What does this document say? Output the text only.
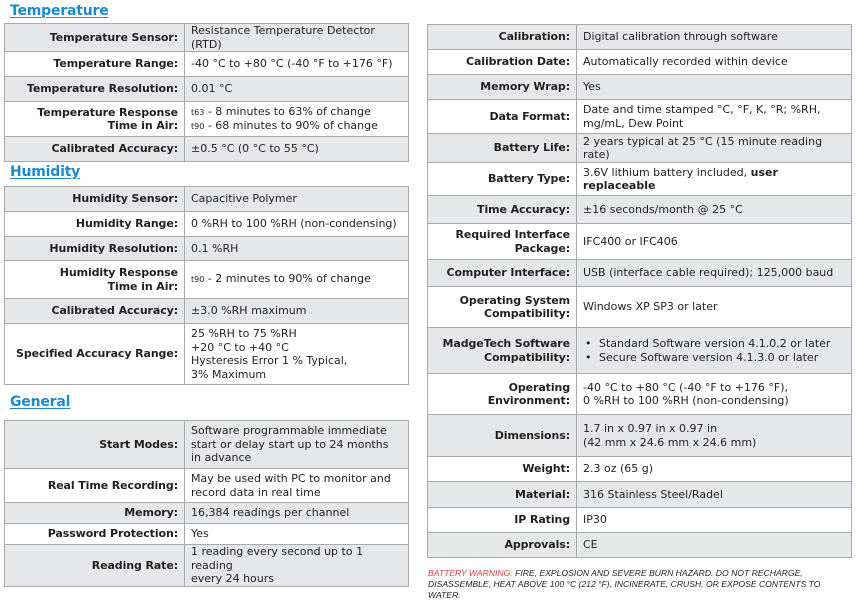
Temperature
Temperature Sensor:	Resistance Temperature Detector (RTD)
Temperature Range:	-40 °C to +80 °C (-40 °F to +176 °F)
Temperature Resolution:	0.01 °C
Temperature Response
Time in Air:	t63 - 8 minutes to 63% of change
t90 - 68 minutes to 90% of change
Calibrated Accuracy:	±0.5 °C (0 °C to 55 °C)
Humidity
Humidity Sensor:	Capacitive Polymer
Humidity Range:	0 %RH to 100 %RH (non-condensing)
Humidity Resolution:	0.1 %RH
Humidity Response
Time in Air:	t90 - 2 minutes to 90% of change
Calibrated Accuracy:	±3.0 %RH maximum
Specified Accuracy Range:	25 %RH to 75 %RH
+20 °C to +40 °C
Hysteresis Error 1 % Typical,
3% Maximum
General
Start Modes:	Software programmable immediate
start or delay start up to 24 months
in advance
Real Time Recording:	May be used with PC to monitor and
record data in real time
Memory:	16,384 readings per channel
Password Protection:	Yes
Reading Rate:	1 reading every second up to 1 reading
every 24 hours
Calibration:	Digital calibration through software
Calibration Date:	Automatically recorded within device
Memory Wrap:	Yes
Data Format:	Date and time stamped °C, °F, K, °R; %RH,
mg/mL, Dew Point
Battery Life:	2 years typical at 25 °C (15 minute reading rate)
Battery Type:	3.6V lithium battery included, user replaceable
Time Accuracy:	±16 seconds/month @ 25 °C
Required Interface
Package:	IFC400 or IFC406
Computer Interface:	USB (interface cable required); 125,000 baud
Operating System
Compatibility:	Windows XP SP3 or later
MadgeTech Software
Compatibility:	• Standard Software version 4.1.0.2 or later
• Secure Software version 4.1.3.0 or later
Operating Environment:	-40 °C to +80 °C (-40 °F to +176 °F),
0 %RH to 100 %RH (non-condensing)
Dimensions:	1.7 in x 0.97 in x 0.97 in
(42 mm x 24.6 mm x 24.6 mm)
Weight:	2.3 oz (65 g)
Material:	316 Stainless Steel/Radel
IP Rating	IP30
Approvals:	CE
BATTERY WARNING: FIRE, EXPLOSION AND SEVERE BURN HAZARD. DO NOT RECHARGE, DISASSEMBLE, HEAT ABOVE 100 °C (212 °F), INCINERATE, CRUSH, OR EXPOSE CONTENTS TO WATER.
